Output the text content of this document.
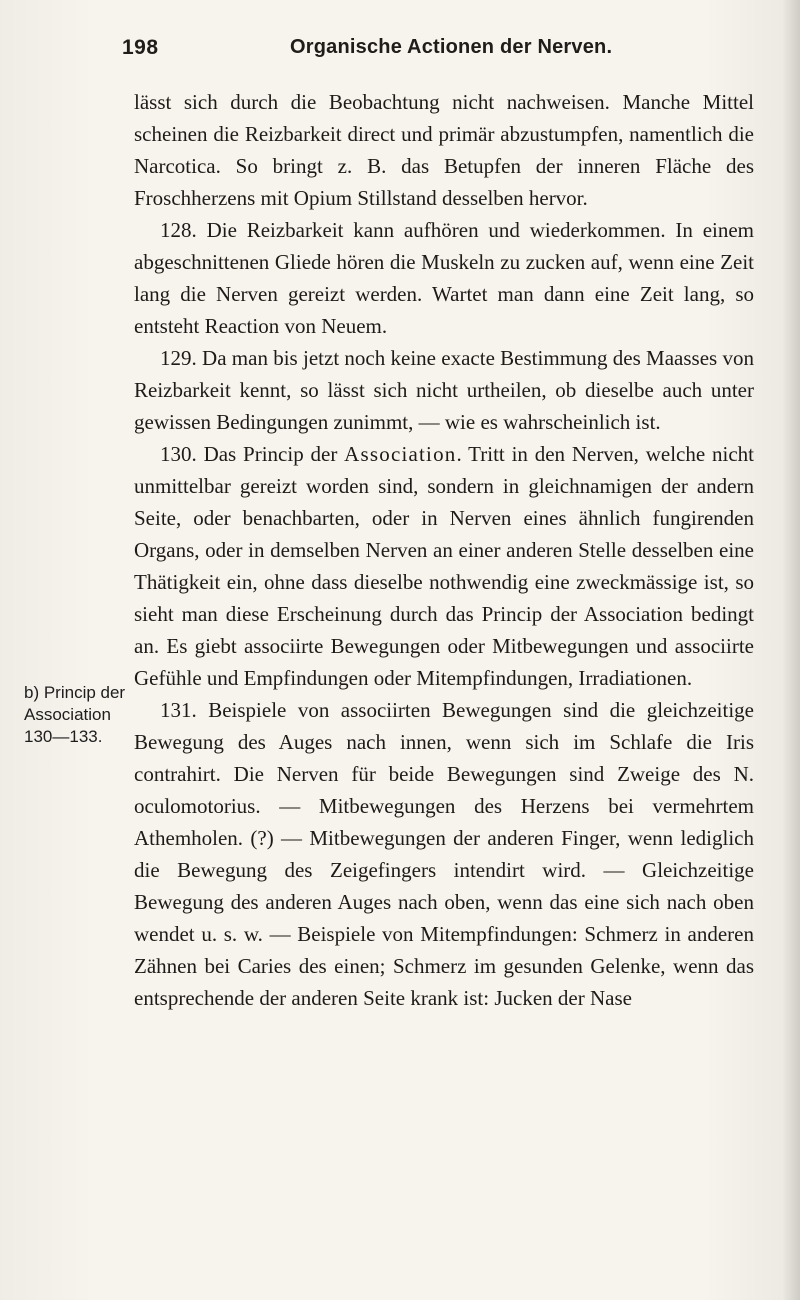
198	Organische Actionen der Nerven.
b) Princip der
Association
130—133.

lässt sich durch die Beobachtung nicht nachweisen. Manche Mittel scheinen die Reizbarkeit direct und primär abzustumpfen, namentlich die Narcotica. So bringt z. B. das Betupfen der inneren Fläche des Froschherzens mit Opium Stillstand desselben hervor.

128. Die Reizbarkeit kann aufhören und wiederkommen. In einem abgeschnittenen Gliede hören die Muskeln zu zucken auf, wenn eine Zeit lang die Nerven gereizt werden. Wartet man dann eine Zeit lang, so entsteht Reaction von Neuem.

129. Da man bis jetzt noch keine exacte Bestimmung des Maasses von Reizbarkeit kennt, so lässt sich nicht urtheilen, ob dieselbe auch unter gewissen Bedingungen zunimmt, — wie es wahrscheinlich ist.

130. Das Princip der Association. Tritt in den Nerven, welche nicht unmittelbar gereizt worden sind, sondern in gleichnamigen der andern Seite, oder benachbarten, oder in Nerven eines ähnlich fungirenden Organs, oder in demselben Nerven an einer anderen Stelle desselben eine Thätigkeit ein, ohne dass dieselbe nothwendig eine zweckmässige ist, so sieht man diese Erscheinung durch das Princip der Association bedingt an. Es giebt associirte Bewegungen oder Mitbewegungen und associirte Gefühle und Empfindungen oder Mitempfindungen, Irradiationen.

131. Beispiele von associirten Bewegungen sind die gleichzeitige Bewegung des Auges nach innen, wenn sich im Schlafe die Iris contrahirt. Die Nerven für beide Bewegungen sind Zweige des N. oculomotorius. — Mitbewegungen des Herzens bei vermehrtem Athemholen. (?) — Mitbewegungen der anderen Finger, wenn lediglich die Bewegung des Zeigefingers intendirt wird. — Gleichzeitige Bewegung des anderen Auges nach oben, wenn das eine sich nach oben wendet u. s. w. — Beispiele von Mitempfindungen: Schmerz in anderen Zähnen bei Caries des einen; Schmerz im gesunden Gelenke, wenn das entsprechende der anderen Seite krank ist: Jucken der Nase
